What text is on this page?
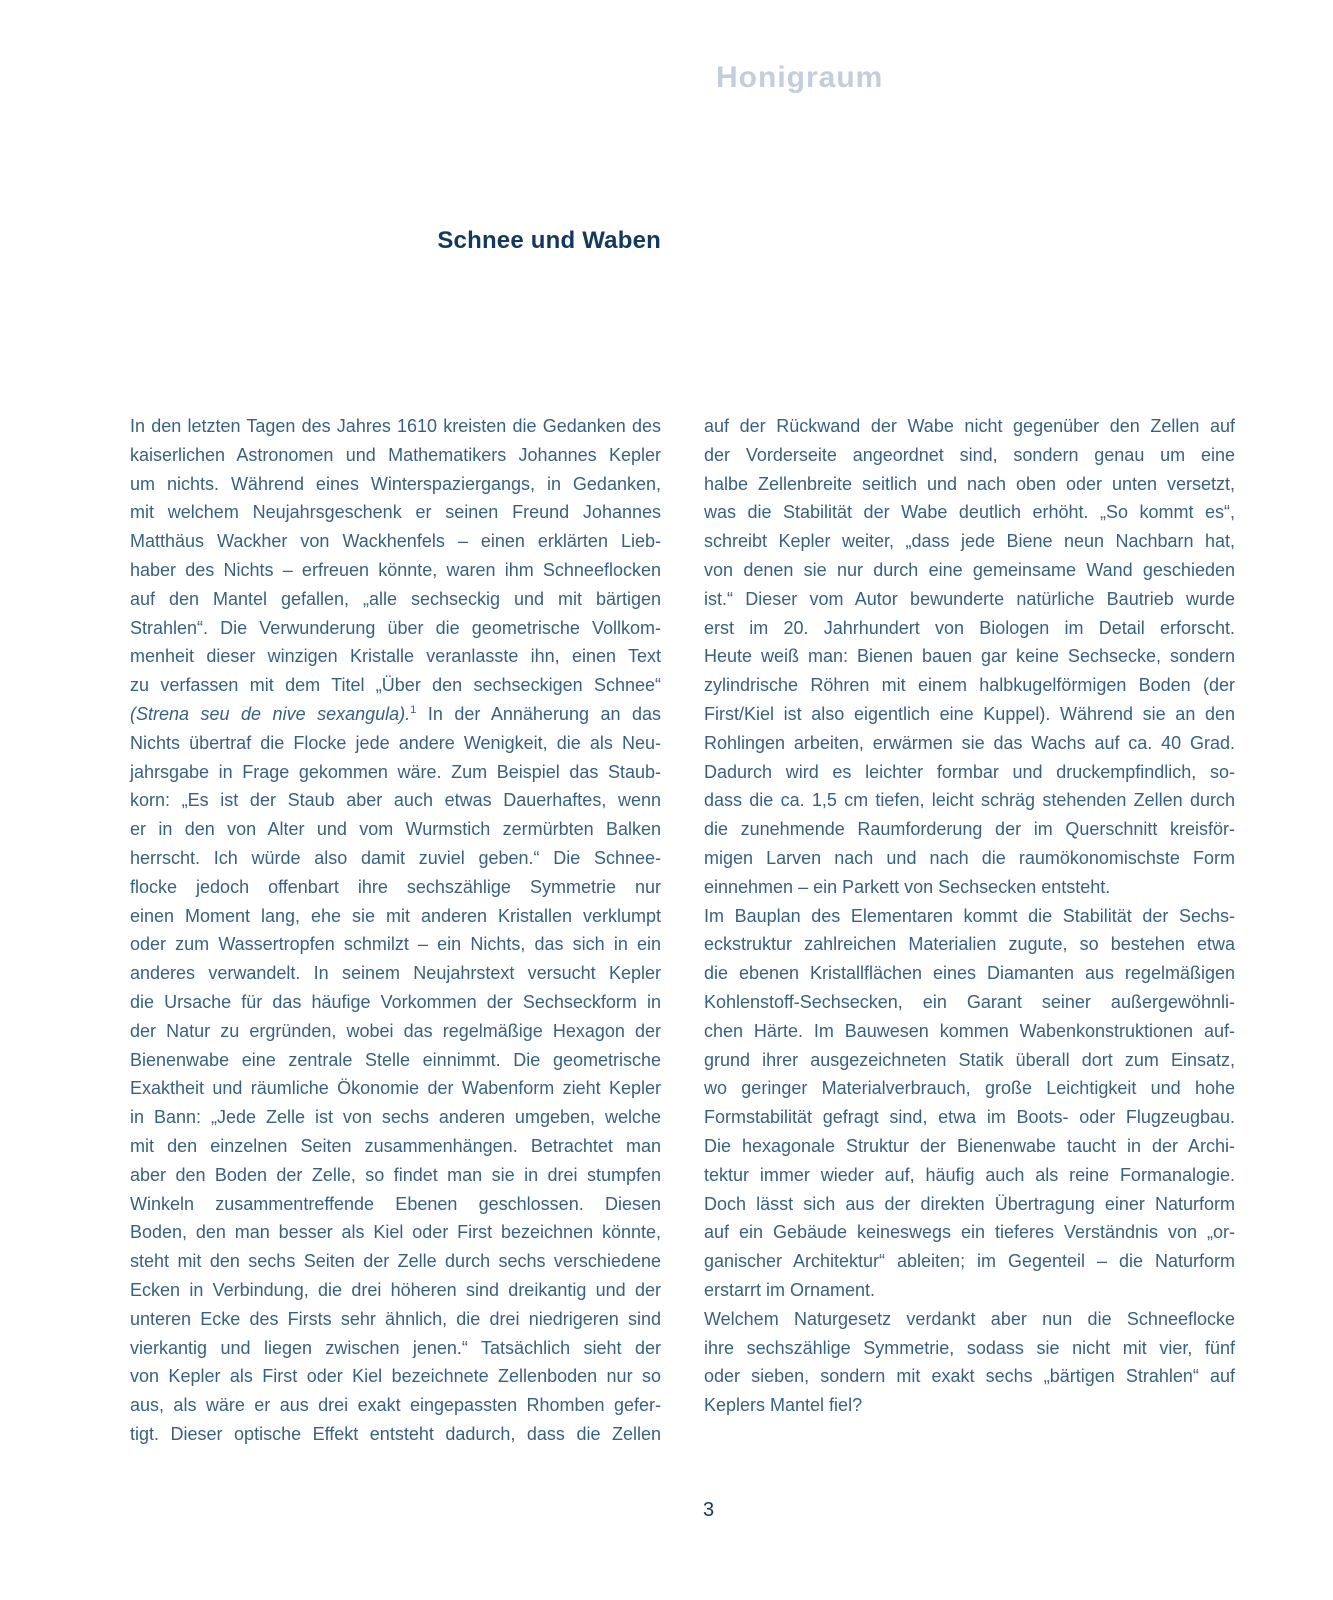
Honigraum
Schnee und Waben
In den letzten Tagen des Jahres 1610 kreisten die Gedanken des
kaiserlichen Astronomen und Mathematikers Johannes Kepler
um nichts. Während eines Winterspaziergangs, in Gedanken,
mit welchem Neujahrsgeschenk er seinen Freund Johannes
Matthäus Wackher von Wackhenfels – einen erklärten Lieb-
haber des Nichts – erfreuen könnte, waren ihm Schneeflocken
auf den Mantel gefallen, „alle sechseckig und mit bärtigen
Strahlen“. Die Verwunderung über die geometrische Vollkom-
menheit dieser winzigen Kristalle veranlasste ihn, einen Text
zu verfassen mit dem Titel „Über den sechseckigen Schnee“
(Strena seu de nive sexangula).$^1$ In der Annäherung an das
Nichts übertraf die Flocke jede andere Wenigkeit, die als Neu-
jahrsgabe in Frage gekommen wäre. Zum Beispiel das Staub-
korn: „Es ist der Staub aber auch etwas Dauerhaftes, wenn
er in den von Alter und vom Wurmstich zermürbten Balken
herrscht. Ich würde also damit zuviel geben.“ Die Schnee-
flocke jedoch offenbart ihre sechszählige Symmetrie nur
einen Moment lang, ehe sie mit anderen Kristallen verklumpt
oder zum Wassertropfen schmilzt – ein Nichts, das sich in ein
anderes verwandelt. In seinem Neujahrstext versucht Kepler
die Ursache für das häufige Vorkommen der Sechseckform in
der Natur zu ergründen, wobei das regelmäßige Hexagon der
Bienenwabe eine zentrale Stelle einnimmt. Die geometrische
Exaktheit und räumliche Ökonomie der Wabenform zieht Kepler
in Bann: „Jede Zelle ist von sechs anderen umgeben, welche
mit den einzelnen Seiten zusammenhängen. Betrachtet man
aber den Boden der Zelle, so findet man sie in drei stumpfen
Winkeln zusammentreffende Ebenen geschlossen. Diesen
Boden, den man besser als Kiel oder First bezeichnen könnte,
steht mit den sechs Seiten der Zelle durch sechs verschiedene
Ecken in Verbindung, die drei höheren sind dreikantig und der
unteren Ecke des Firsts sehr ähnlich, die drei niedrigeren sind
vierkantig und liegen zwischen jenen.“ Tatsächlich sieht der
von Kepler als First oder Kiel bezeichnete Zellenboden nur so
aus, als wäre er aus drei exakt eingepassten Rhomben gefer-
tigt. Dieser optische Effekt entsteht dadurch, dass die Zellen
auf der Rückwand der Wabe nicht gegenüber den Zellen auf
der Vorderseite angeordnet sind, sondern genau um eine
halbe Zellenbreite seitlich und nach oben oder unten versetzt,
was die Stabilität der Wabe deutlich erhöht. „So kommt es“,
schreibt Kepler weiter, „dass jede Biene neun Nachbarn hat,
von denen sie nur durch eine gemeinsame Wand geschieden
ist.“ Dieser vom Autor bewunderte natürliche Bautrieb wurde
erst im 20. Jahrhundert von Biologen im Detail erforscht.
Heute weiß man: Bienen bauen gar keine Sechsecke, sondern
zylindrische Röhren mit einem halbkugelförmigen Boden (der
First/Kiel ist also eigentlich eine Kuppel). Während sie an den
Rohlingen arbeiten, erwärmen sie das Wachs auf ca. 40 Grad.
Dadurch wird es leichter formbar und druckempfindlich, so-
dass die ca. 1,5 cm tiefen, leicht schräg stehenden Zellen durch
die zunehmende Raumforderung der im Querschnitt kreisför-
migen Larven nach und nach die raumökonomischste Form
einnehmen – ein Parkett von Sechsecken entsteht.
Im Bauplan des Elementaren kommt die Stabilität der Sechs-
eckstruktur zahlreichen Materialien zugute, so bestehen etwa
die ebenen Kristallflächen eines Diamanten aus regelmäßigen
Kohlenstoff-Sechsecken, ein Garant seiner außergewöhnli-
chen Härte. Im Bauwesen kommen Wabenkonstruktionen auf-
grund ihrer ausgezeichneten Statik überall dort zum Einsatz,
wo geringer Materialverbrauch, große Leichtigkeit und hohe
Formstabilität gefragt sind, etwa im Boots- oder Flugzeugbau.
Die hexagonale Struktur der Bienenwabe taucht in der Archi-
tektur immer wieder auf, häufig auch als reine Formanalogie.
Doch lässt sich aus der direkten Übertragung einer Naturform
auf ein Gebäude keineswegs ein tieferes Verständnis von „or-
ganischer Architektur“ ableiten; im Gegenteil – die Naturform
erstarrt im Ornament.
Welchem Naturgesetz verdankt aber nun die Schneeflocke
ihre sechszählige Symmetrie, sodass sie nicht mit vier, fünf
oder sieben, sondern mit exakt sechs „bärtigen Strahlen“ auf
Keplers Mantel fiel?
3
